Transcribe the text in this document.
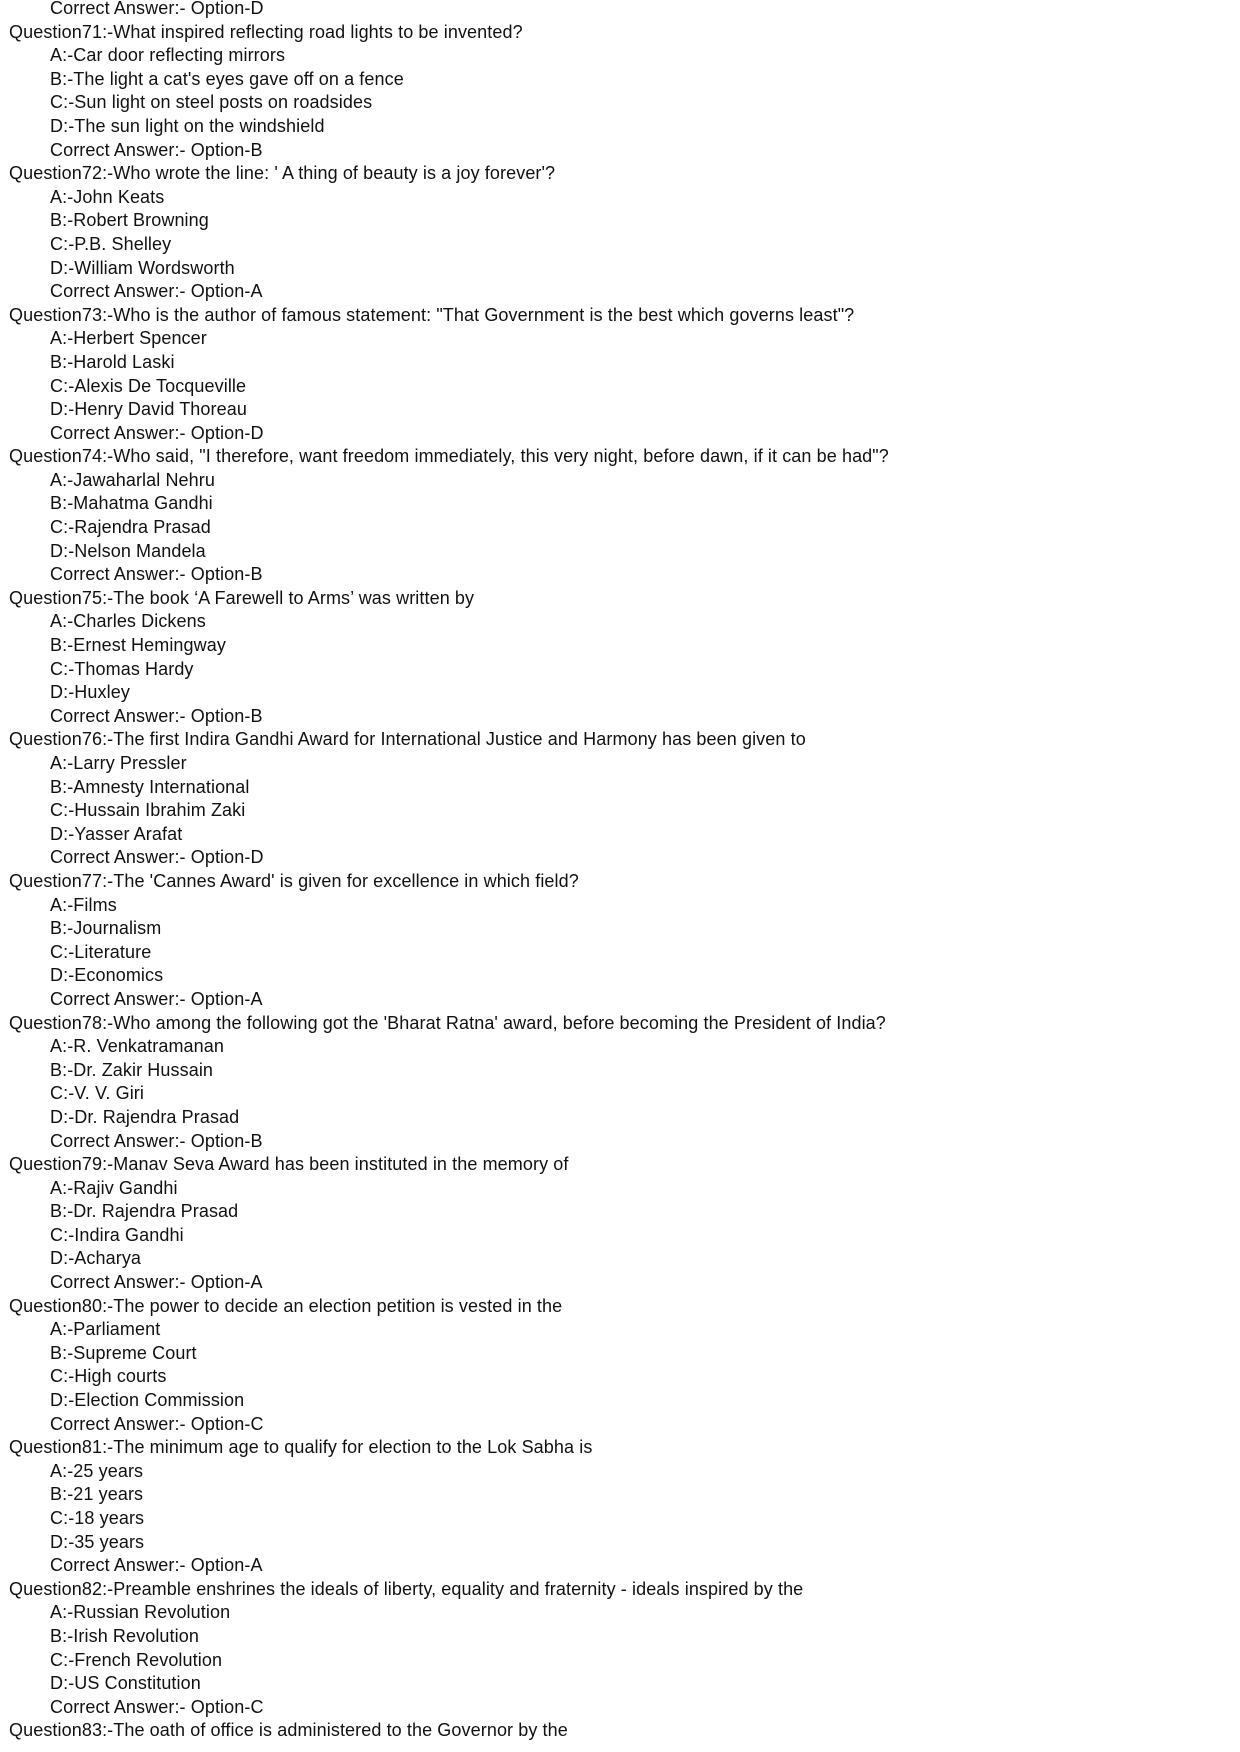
Correct Answer:- Option-D
Question71:-What inspired reflecting road lights to be invented?
A:-Car door reflecting mirrors
B:-The light a cat's eyes gave off on a fence
C:-Sun light on steel posts on roadsides
D:-The sun light on the windshield
Correct Answer:- Option-B
Question72:-Who wrote the line: ' A thing of beauty is a joy forever'?
A:-John Keats
B:-Robert Browning
C:-P.B. Shelley
D:-William Wordsworth
Correct Answer:- Option-A
Question73:-Who is the author of famous statement: "That Government is the best which governs least"?
A:-Herbert Spencer
B:-Harold Laski
C:-Alexis De Tocqueville
D:-Henry David Thoreau
Correct Answer:- Option-D
Question74:-Who said, "I therefore, want freedom immediately, this very night, before dawn, if it can be had"?
A:-Jawaharlal Nehru
B:-Mahatma Gandhi
C:-Rajendra Prasad
D:-Nelson Mandela
Correct Answer:- Option-B
Question75:-The book ‘A Farewell to Arms’ was written by
A:-Charles Dickens
B:-Ernest Hemingway
C:-Thomas Hardy
D:-Huxley
Correct Answer:- Option-B
Question76:-The first Indira Gandhi Award for International Justice and Harmony has been given to
A:-Larry Pressler
B:-Amnesty International
C:-Hussain Ibrahim Zaki
D:-Yasser Arafat
Correct Answer:- Option-D
Question77:-The 'Cannes Award' is given for excellence in which field?
A:-Films
B:-Journalism
C:-Literature
D:-Economics
Correct Answer:- Option-A
Question78:-Who among the following got the 'Bharat Ratna' award, before becoming the President of India?
A:-R. Venkatramanan
B:-Dr. Zakir Hussain
C:-V. V. Giri
D:-Dr. Rajendra Prasad
Correct Answer:- Option-B
Question79:-Manav Seva Award has been instituted in the memory of
A:-Rajiv Gandhi
B:-Dr. Rajendra Prasad
C:-Indira Gandhi
D:-Acharya
Correct Answer:- Option-A
Question80:-The power to decide an election petition is vested in the
A:-Parliament
B:-Supreme Court
C:-High courts
D:-Election Commission
Correct Answer:- Option-C
Question81:-The minimum age to qualify for election to the Lok Sabha is
A:-25 years
B:-21 years
C:-18 years
D:-35 years
Correct Answer:- Option-A
Question82:-Preamble enshrines the ideals of liberty, equality and fraternity - ideals inspired by the
A:-Russian Revolution
B:-Irish Revolution
C:-French Revolution
D:-US Constitution
Correct Answer:- Option-C
Question83:-The oath of office is administered to the Governor by the
